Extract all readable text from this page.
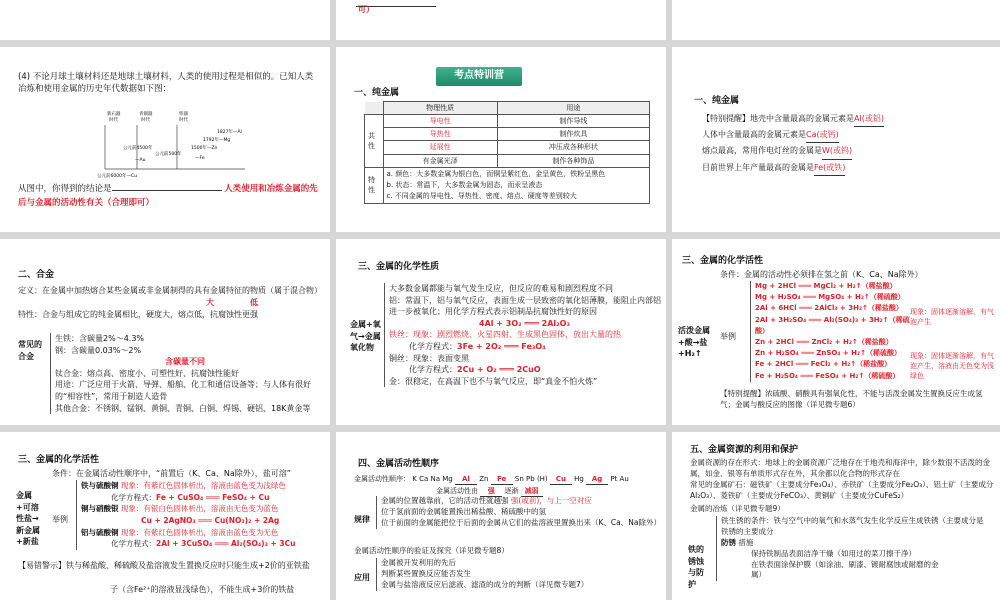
可）
(4) 不论月球土壤材料还是地球土壤材料，人类的使用过程是相似的。已知人类冶炼和使用金属的历史年代数据如下图：
新石器
时代
青铜器
时代
铁器
时代
1827年—Al
1792年—Mg
1500年—Zn
公元前500年
—Fe
公元前4500年
—Au
公元前6000年—Cu
从图中，你得到的结论是	人类使用和冶炼金属的先后与金属的活动性有关（合理即可）
考点特训营
一、纯金属
	物理性质	用途
共性	导电性	制作导线
	导热性	制作炊具
	延展性	冲压成各种形状
	有金属光泽	制作各种饰品
特性	a. 颜色：大多数金属为银白色，而铜呈紫红色，金呈黄色，铁粉呈黑色
b. 状态：常温下，大多数金属为固态，而汞呈液态
c. 不同金属的导电性、导热性、密度、熔点、硬度等差别较大	
一、纯金属
【特别提醒】地壳中含量最高的金属元素是Al(或铝)
人体中含量最高的金属元素是Ca(或钙)
熔点最高，常用作电灯丝的金属是W(或钨)
目前世界上年产量最高的金属是Fe(或铁)
二、合金
定义：在金属中加热熔合某些金属或非金属制得的具有金属特征的物质（属于混合物）
特性：合金与组成它的纯金属相比，硬度大，熔点低，抗腐蚀性更强
大	低
常见的合金
生铁：含碳量2%～4.3%
钢：含碳量0.03%～2%
含碳量不同
钛合金：熔点高、密度小、可塑性好、抗腐蚀性能好
用途：广泛应用于火箭、导弹、船舶、化工和通信设备等；与人体有很好的“相容性”，常用于制造人造骨
其他合金：不锈钢、锰钢、黄铜、青铜、白铜、焊锡、硬铝、18K黄金等
三、金属的化学性质
金属+氧气→金属氧化物
大多数金属都能与氧气发生反应，但反应的难易和剧烈程度不同
铝：常温下，铝与氧气反应，表面生成一层致密的氧化铝薄膜，能阻止内部铝进一步被氧化；用化学方程式表示铝制品抗腐蚀性好的原因
4Al + 3O₂ ═══ 2Al₂O₃
铁丝：现象：剧烈燃烧、火星四射、生成黑色固体，放出大量的热
化学方程式：3Fe + 2O₂ ═══ Fe₃O₄
铜丝：现象：表面变黑
化学方程式：2Cu + O₂ ═══ 2CuO
金：很稳定，在高温下也不与氧气反应，即“真金不怕火炼”
三、金属的化学活性
条件：金属的活动性必须排在氢之前（K、Ca、Na除外）
活泼金属+酸→盐+H₂↑
举例
Mg + 2HCl ═══ MgCl₂ + H₂↑（稀盐酸）
Mg + H₂SO₄ ═══ MgSO₄ + H₂↑（稀硫酸）
2Al + 6HCl ═══ 2AlCl₃ + 3H₂↑（稀盐酸）
2Al + 3H₂SO₄ ═══ Al₂(SO₄)₃ + 3H₂↑（稀硫酸）
Zn + 2HCl ═══ ZnCl₂ + H₂↑（稀盐酸）
Zn + H₂SO₄ ═══ ZnSO₄ + H₂↑（稀硫酸）
Fe + 2HCl ═══ FeCl₂ + H₂↑（稀盐酸）
Fe + H₂SO₄ ═══ FeSO₄ + H₂↑（稀硫酸）
现象：固体逐渐溶解，有气泡产生
现象：固体逐渐溶解，有气泡产生，溶液由无色变为浅绿色
【特别提醒】浓硫酸、硝酸具有强氧化性，不能与活泼金属发生置换反应生成氢气；金属与酸反应的图像（详见微专题6）
三、金属的化学活性
金属+可溶性盐→新金属+新盐
条件：在金属活动性顺序中，“前置后（K、Ca、Na除外），盐可溶”
举例
铁与硫酸铜 现象：有紫红色固体析出，溶液由蓝色变为浅绿色
化学方程式：Fe + CuSO₄ ═══ FeSO₄ + Cu
铜与硝酸银 现象：有银白色固体析出，溶液由无色变为蓝色
Cu + 2AgNO₃ ═══ Cu(NO₃)₂ + 2Ag
铝与硫酸铜 现象：有紫红色固体析出，溶液由蓝色变为无色
化学方程式：2Al + 3CuSO₄ ═══ Al₂(SO₄)₃ + 3Cu
【易错警示】铁与稀盐酸、稀硫酸及盐溶液发生置换反应时只能生成+2价的亚铁盐
子（含Fe²⁺的溶液显浅绿色），不能生成+3价的铁盐
四、金属活动性顺序
金属活动性顺序： K Ca Na Mg Al Zn Fe Sn Pb (H) Cu Hg Ag Pt Au
金属活动性由 强 逐渐 减弱
规律
金属的位置越靠前，它的活动性就越强 强(或前)，与上一空对应
位于氢前面的金属能置换出稀盐酸、稀硫酸中的氢
位于前面的金属能把位于后面的金属从它们的盐溶液里置换出来（K、Ca、Na除外）
金属活动性顺序的验证及探究（详见微专题8）
应用
金属被开发利用的先后
判断某些置换反应能否发生
金属与盐溶液反应后滤液、滤渣的成分的判断（详见微专题7）
五、金属资源的利用和保护
金属资源的存在形式：地球上的金属资源广泛地存在于地壳和海洋中，除少数很不活泼的金属，如金、银等有单质形式存在外，其余都以化合物的形式存在
常见的金属矿石：磁铁矿（主要成分Fe₃O₄）、赤铁矿（主要成分Fe₂O₃）、铝土矿（主要成分Al₂O₃）、菱铁矿（主要成分FeCO₃）、黄铜矿（主要成分CuFeS₂）
金属的冶炼（详见微专题9）
铁的锈蚀与防护
铁生锈的条件：铁与空气中的氧气和水蒸气发生化学反应生成铁锈（主要成分是
铁锈的主要成分
防锈 措施
保持铁制品表面洁净干燥（如用过的菜刀擦干净）
在铁表面涂保护膜（如涂油、刷漆、镀耐腐蚀或耐磨的金
属）
